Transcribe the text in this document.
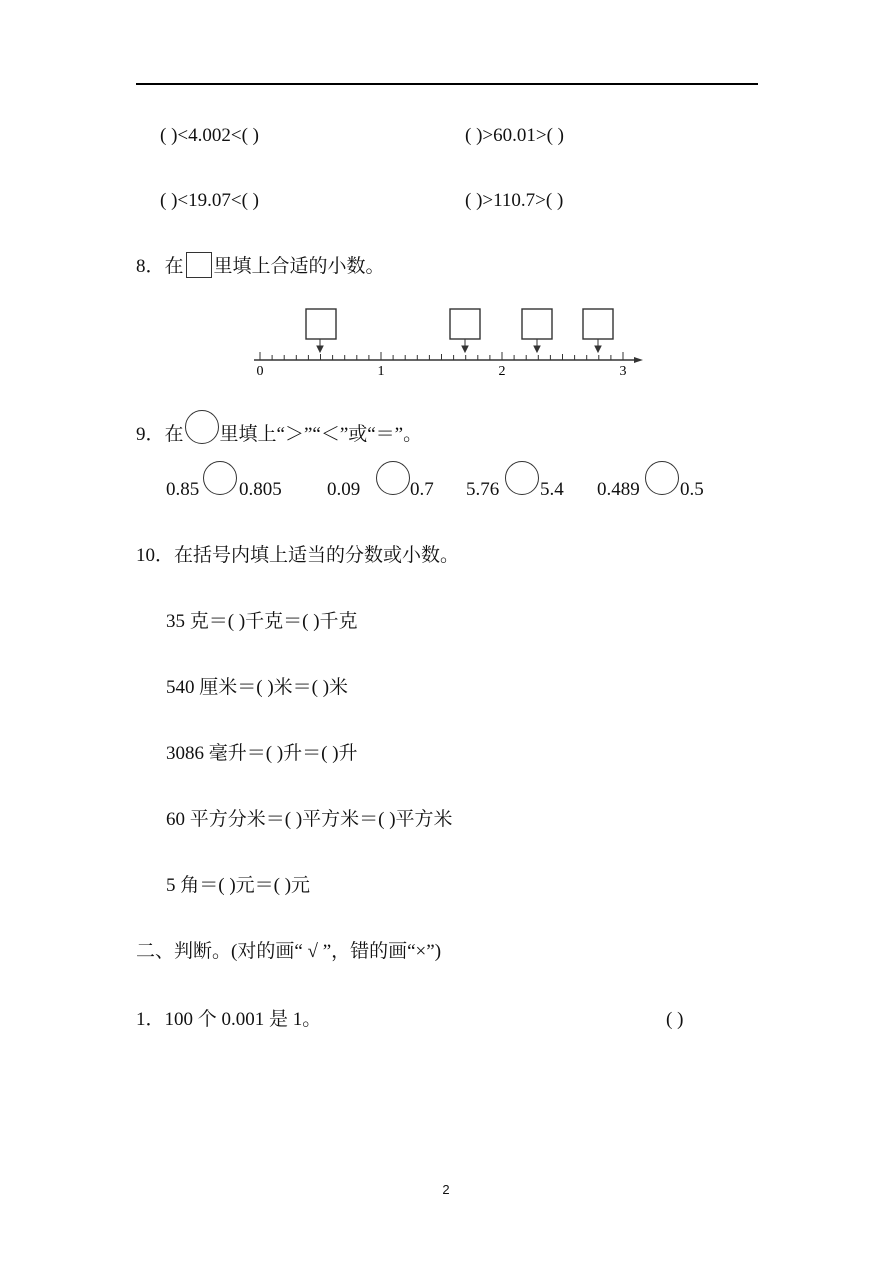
( )<4.002<( )	( )>60.01>( )
( )<19.07<( )	( )>110.7>( )
8．在 里填上合适的小数。
0	1	2	3
9．在 里填上“＞”“＜”或“＝”。
0.85 0.805 0.09	0.7 5.76 5.4 0.489 0.5
10．在括号内填上适当的分数或小数。
35 克＝( )千克＝( )千克
540 厘米＝( )米＝( )米
3086 毫升＝( )升＝( )升
60 平方分米＝( )平方米＝( )平方米
5 角＝( )元＝( )元
二、判断。(对的画“ √ ”，错的画“×”)
1．100 个 0.001 是 1。	( )
2
